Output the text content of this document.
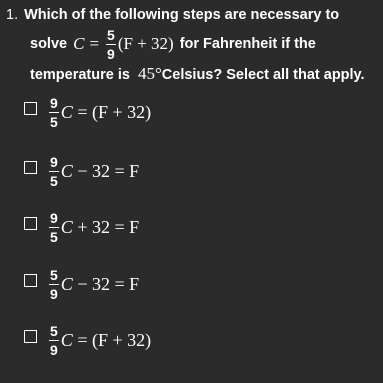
1. Which of the following steps are necessary to
solve $C = \frac{5}{9} (F + 32)$ for Fahrenheit if the
temperature is 45°Celsius? Select all that apply.
$\frac{9}{5}$ C = (F + 32)
$\frac{9}{5}$ C − 32 = F
$\frac{9}{5}$ C + 32 = F
$\frac{5}{9}$ C − 32 = F
$\frac{5}{9}$ C = (F + 32)
